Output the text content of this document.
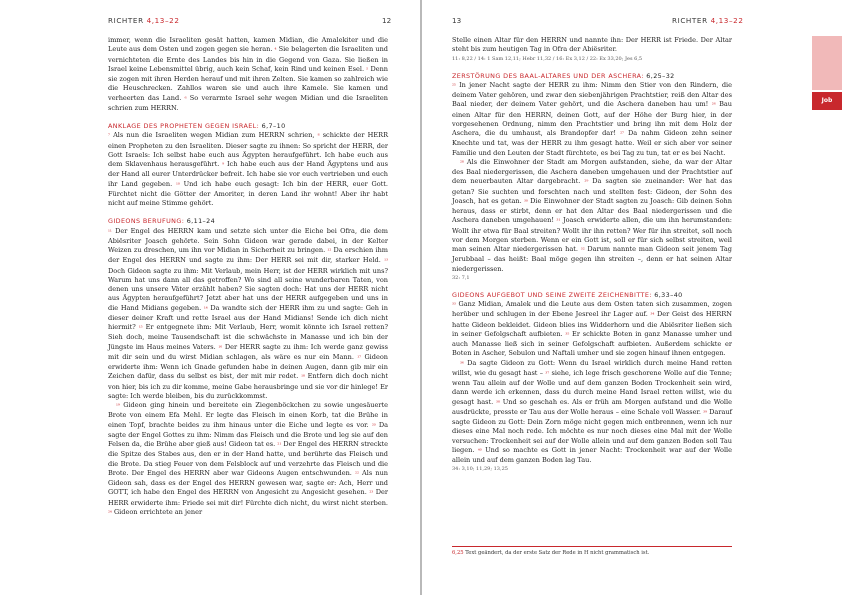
RICHTER 4,13–22	12

immer, wenn die Israeliten gesät hatten, kamen Midian, die Amalekiter und die Leute aus dem Osten und zogen gegen sie heran. ⁴ Sie belagerten die Israeliten und vernichteten die Ernte des Landes bis hin in die Gegend von Gaza. Sie ließen in Israel keine Lebensmittel übrig, auch kein Schaf, kein Rind und keinen Esel. ⁵ Denn sie zogen mit ihren Herden herauf und mit ihren Zelten. Sie kamen so zahlreich wie die Heuschrecken. Zahllos waren sie und auch ihre Kamele. Sie kamen und verheerten das Land. ⁶ So verarmte Israel sehr wegen Midian und die Israeliten schrien zum HERRN.

ANKLAGE DES PROPHETEN GEGEN ISRAEL: 6,7–10

⁷ Als nun die Israeliten wegen Midian zum HERRN schrien, ⁸ schickte der HERR einen Propheten zu den Israeliten. Dieser sagte zu ihnen: So spricht der HERR, der Gott Israels: Ich selbst habe euch aus Ägypten heraufgeführt. Ich habe euch aus dem Sklavenhaus herausgeführt. ⁹ Ich habe euch aus der Hand Ägyptens und aus der Hand all eurer Unterdrücker befreit. Ich habe sie vor euch vertrieben und euch ihr Land gegeben. ¹⁰ Und ich habe euch gesagt: Ich bin der HERR, euer Gott. Fürchtet nicht die Götter der Amoriter, in deren Land ihr wohnt! Aber ihr habt nicht auf meine Stimme gehört.

GIDEONS BERUFUNG: 6,11–24

¹¹ Der Engel des HERRN kam und setzte sich unter die Eiche bei Ofra, die dem Abiësriter Joasch gehörte. Sein Sohn Gideon war gerade dabei, in der Kelter Weizen zu dreschen, um ihn vor Midian in Sicherheit zu bringen. ¹² Da erschien ihm der Engel des HERRN und sagte zu ihm: Der HERR sei mit dir, starker Held. ¹³ Doch Gideon sagte zu ihm: Mit Verlaub, mein Herr, ist der HERR wirklich mit uns? Warum hat uns dann all das getroffen? Wo sind all seine wunderbaren Taten, von denen uns unsere Väter erzählt haben? Sie sagten doch: Hat uns der HERR nicht aus Ägypten heraufgeführt? Jetzt aber hat uns der HERR aufgegeben und uns in die Hand Midians gegeben. ¹⁴ Da wandte sich der HERR ihm zu und sagte: Geh in dieser deiner Kraft und rette Israel aus der Hand Midians! Sende ich dich nicht hiermit? ¹⁵ Er entgegnete ihm: Mit Verlaub, Herr, womit könnte ich Israel retten? Sieh doch, meine Tausendschaft ist die schwächste in Manasse und ich bin der Jüngste im Haus meines Vaters. ¹⁶ Der HERR sagte zu ihm: Ich werde ganz gewiss mit dir sein und du wirst Midian schlagen, als wäre es nur ein Mann. ¹⁷ Gideon erwiderte ihm: Wenn ich Gnade gefunden habe in deinen Augen, dann gib mir ein Zeichen dafür, dass du selbst es bist, der mit mir redet. ¹⁸ Entfern dich doch nicht von hier, bis ich zu dir komme, meine Gabe herausbringe und sie vor dir hinlege! Er sagte: Ich werde bleiben, bis du zurückkommst.

¹⁹ Gideon ging hinein und bereitete ein Ziegenböckchen zu sowie ungesäuerte Brote von einem Efa Mehl. Er legte das Fleisch in einen Korb, tat die Brühe in einen Topf, brachte beides zu ihm hinaus unter die Eiche und legte es vor. ²⁰ Da sagte der Engel Gottes zu ihm: Nimm das Fleisch und die Brote und leg sie auf den Felsen da, die Brühe aber gieß aus! Gideon tat es. ²¹ Der Engel des HERRN streckte die Spitze des Stabes aus, den er in der Hand hatte, und berührte das Fleisch und die Brote. Da stieg Feuer von dem Felsblock auf und verzehrte das Fleisch und die Brote. Der Engel des HERRN aber war Gideons Augen entschwunden. ²² Als nun Gideon sah, dass es der Engel des HERRN gewesen war, sagte er: Ach, Herr und GOTT, ich habe den Engel des HERRN von Angesicht zu Angesicht gesehen. ²³ Der HERR erwiderte ihm: Friede sei mit dir! Fürchte dich nicht, du wirst nicht sterben. ²⁴ Gideon errichtete an jener

13	RICHTER 4,13–22
Job

Stelle einen Altar für den HERRN und nannte ihn: Der HERR ist Friede. Der Altar steht bis zum heutigen Tag in Ofra der Abiësriter.

11: 8,22 / 14: 1 Sam 12,11; Hebr 11,32 / 16: Ex 3,12 / 22: Ex 33,20; Jes 6,5

ZERSTÖRUNG DES BAAL-ALTARES UND DER ASCHERA: 6,25–32

²⁵ In jener Nacht sagte der HERR zu ihm: Nimm den Stier von den Rindern, die deinem Vater gehören, und zwar den siebenjährigen Prachtstier, reiß den Altar des Baal nieder, der deinem Vater gehört, und die Aschera daneben hau um! ²⁶ Bau einen Altar für den HERRN, deinen Gott, auf der Höhe der Burg hier, in der vorgesehenen Ordnung, nimm den Prachtstier und bring ihn mit dem Holz der Aschera, die du umhaust, als Brandopfer dar! ²⁷ Da nahm Gideon zehn seiner Knechte und tat, was der HERR zu ihm gesagt hatte. Weil er sich aber vor seiner Familie und den Leuten der Stadt fürchtete, es bei Tag zu tun, tat er es bei Nacht.

²⁸ Als die Einwohner der Stadt am Morgen aufstanden, siehe, da war der Altar des Baal niedergerissen, die Aschera daneben umgehauen und der Prachtstier auf dem neuerbauten Altar dargebracht. ²⁹ Da sagten sie zueinander: Wer hat das getan? Sie suchten und forschten nach und stellten fest: Gideon, der Sohn des Joasch, hat es getan. ³⁰ Die Einwohner der Stadt sagten zu Joasch: Gib deinen Sohn heraus, dass er stirbt, denn er hat den Altar des Baal niedergerissen und die Aschera daneben umgehauen! ³¹ Joasch erwiderte allen, die um ihn herumstanden: Wollt ihr etwa für Baal streiten? Wollt ihr ihn retten? Wer für ihn streitet, soll noch vor dem Morgen sterben. Wenn er ein Gott ist, soll er für sich selbst streiten, weil man seinen Altar niedergerissen hat. ³² Darum nannte man Gideon seit jenem Tag Jerubbaal – das heißt: Baal möge gegen ihn streiten –, denn er hat seinen Altar niedergerissen.

32: 7,1

GIDEONS AUFGEBOT UND SEINE ZWEITE ZEICHENBITTE: 6,33–40

³³ Ganz Midian, Amalek und die Leute aus dem Osten taten sich zusammen, zogen herüber und schlugen in der Ebene Jesreel ihr Lager auf. ³⁴ Der Geist des HERRN hatte Gideon bekleidet. Gideon blies ins Widderhorn und die Abiësriter ließen sich in seiner Gefolgschaft aufbieten. ³⁵ Er schickte Boten in ganz Manasse umher und auch Manasse ließ sich in seiner Gefolgschaft aufbieten. Außerdem schickte er Boten in Ascher, Sebulon und Naftali umher und sie zogen hinauf ihnen entgegen.

³⁶ Da sagte Gideon zu Gott: Wenn du Israel wirklich durch meine Hand retten willst, wie du gesagt hast – ³⁷ siehe, ich lege frisch geschorene Wolle auf die Tenne; wenn Tau allein auf der Wolle und auf dem ganzen Boden Trockenheit sein wird, dann werde ich erkennen, dass du durch meine Hand Israel retten willst, wie du gesagt hast. ³⁸ Und so geschah es. Als er früh am Morgen aufstand und die Wolle ausdrückte, presste er Tau aus der Wolle heraus – eine Schale voll Wasser. ³⁹ Darauf sagte Gideon zu Gott: Dein Zorn möge nicht gegen mich entbrennen, wenn ich nur dieses eine Mal noch rede. Ich möchte es nur noch dieses eine Mal mit der Wolle versuchen: Trockenheit sei auf der Wolle allein und auf dem ganzen Boden soll Tau liegen. ⁴⁰ Und so machte es Gott in jener Nacht: Trockenheit war auf der Wolle allein und auf dem ganzen Boden lag Tau.

34: 3,10; 11,29; 13,25

6,25 Text geändert, da der erste Satz der Rede in H nicht grammatisch ist.
